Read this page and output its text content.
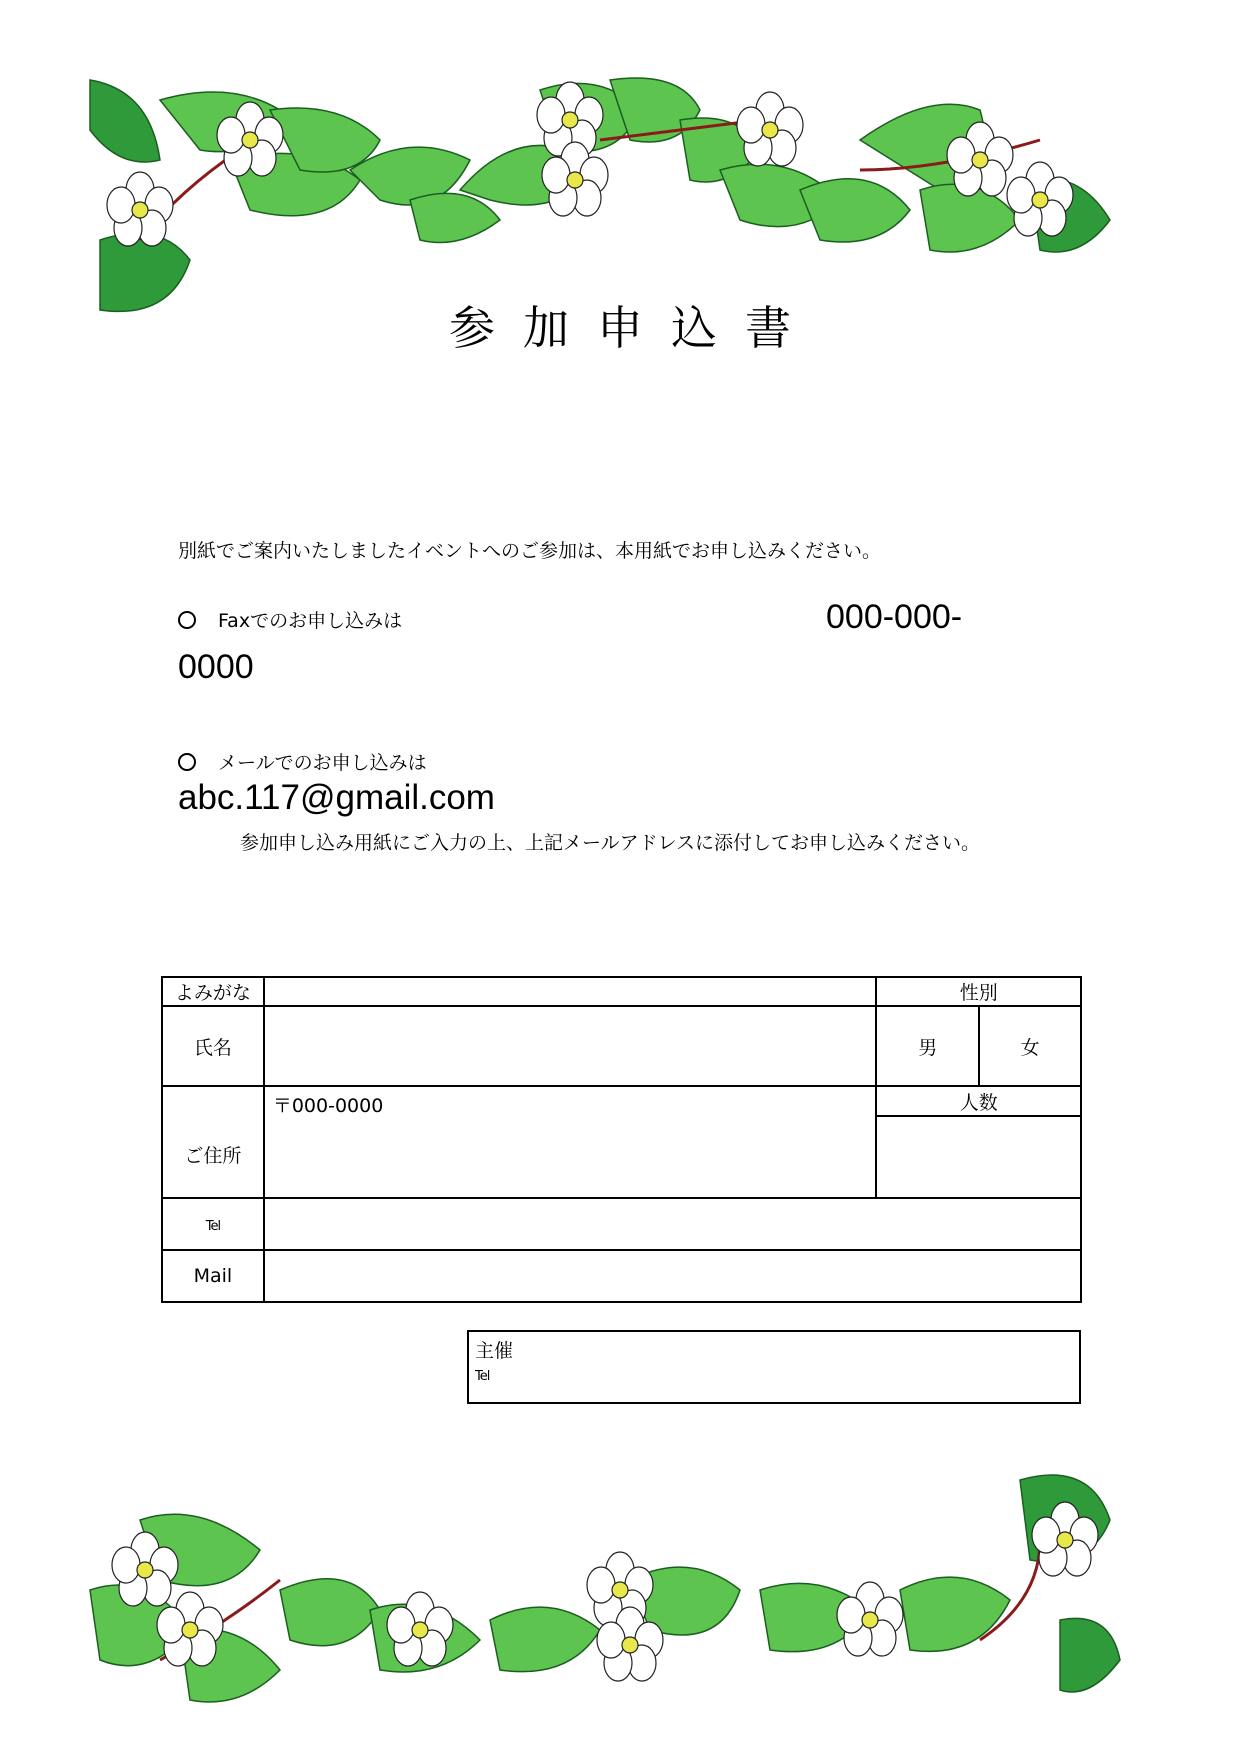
参加申込書
別紙でご案内いたしましたイベントへのご参加は、本用紙でお申し込みください。
Faxでのお申し込みは	000-000-
0000
メールでのお申し込みは
abc.117@gmail.com
参加申し込み用紙にご入力の上、上記メールアドレスに添付してお申し込みください。
よみがな		性別	
氏名		男	女
ご住所	〒000-0000	人数	

Tel			
Mail			
主催
Tel
